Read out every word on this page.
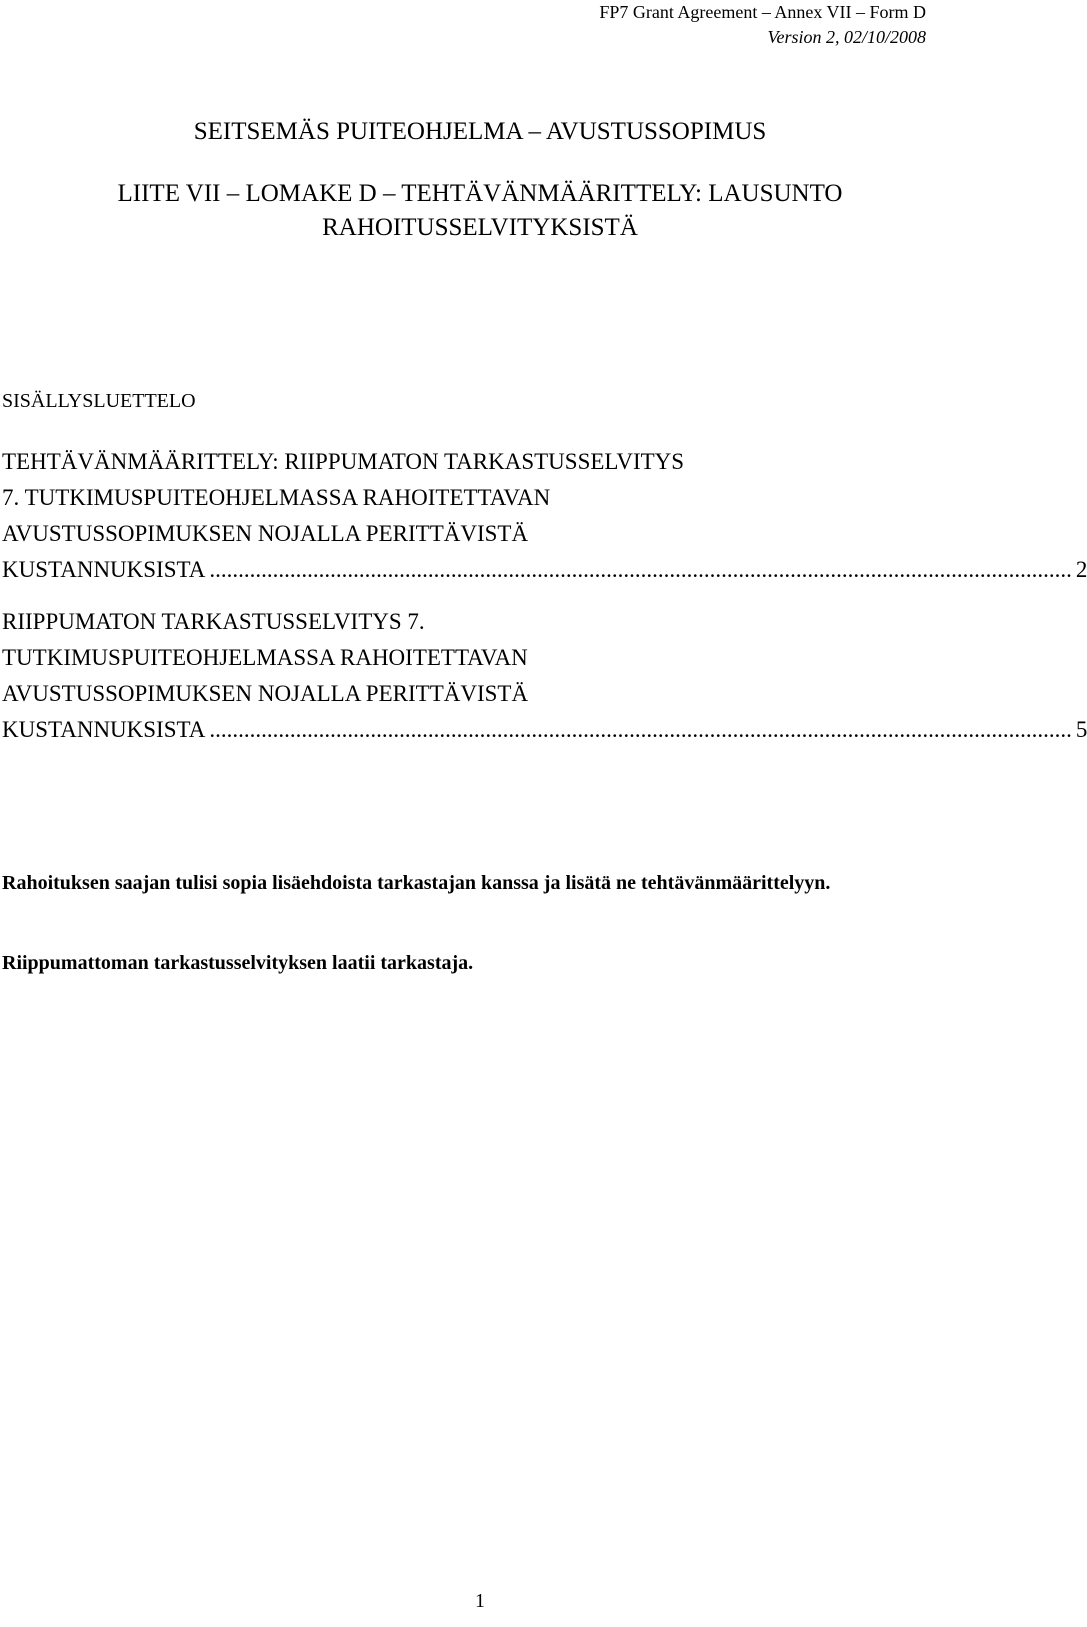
FP7 Grant Agreement – Annex VII – Form D
Version 2, 02/10/2008
SEITSEMÄS PUITEOHJELMA – AVUSTUSSOPIMUS
LIITE VII – LOMAKE D – TEHTÄVÄNMÄÄRITTELY: LAUSUNTO
RAHOITUSSELVITYKSISTÄ
SISÄLLYSLUETTELO
TEHTÄVÄNMÄÄRITTELY: RIIPPUMATON TARKASTUSSELVITYS
7. TUTKIMUSPUITEOHJELMASSA RAHOITETTAVAN
AVUSTUSSOPIMUKSEN NOJALLA PERITTÄVISTÄ
KUSTANNUKSISTA ...................................................................................................................................................... 2
RIIPPUMATON TARKASTUSSELVITYS 7.
TUTKIMUSPUITEOHJELMASSA RAHOITETTAVAN
AVUSTUSSOPIMUKSEN NOJALLA PERITTÄVISTÄ
KUSTANNUKSISTA ...................................................................................................................................................... 5
Rahoituksen saajan tulisi sopia lisäehdoista tarkastajan kanssa ja lisätä ne tehtävänmäärittelyyn.
Riippumattoman tarkastusselvityksen laatii tarkastaja.
1
